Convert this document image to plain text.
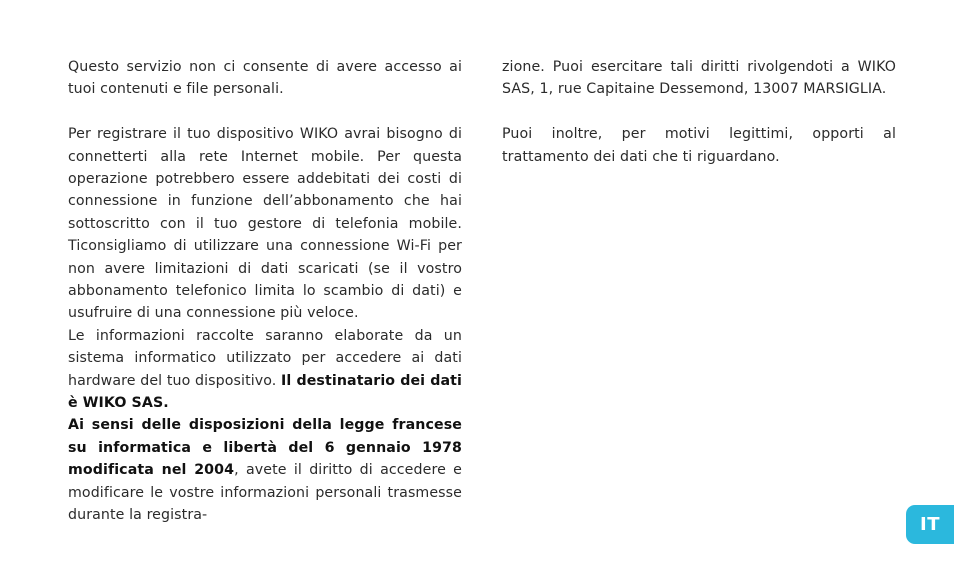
Questo servizio non ci consente di avere accesso ai tuoi contenuti e file personali.

Per registrare il tuo dispositivo WIKO avrai bisogno di connetterti alla rete Internet mobile. Per questa operazione potrebbero essere addebitati dei costi di connessione in funzione dell’abbonamento che hai sottoscritto con il tuo gestore di telefonia mobile. Ticonsigliamo di utilizzare una connessione Wi-Fi per non avere limitazioni di dati scaricati (se il vostro abbonamento telefonico limita lo scambio di dati) e usufruire di una connessione più veloce.

Le informazioni raccolte saranno elaborate da un sistema informatico utilizzato per accedere ai dati hardware del tuo dispositivo. Il destinatario dei dati è WIKO SAS.

Ai sensi delle disposizioni della legge francese su informatica e libertà del 6 gennaio 1978 modificata nel 2004, avete il diritto di accedere e modificare le vostre informazioni personali trasmesse durante la registra-

zione. Puoi esercitare tali diritti rivolgendoti a WIKO SAS, 1, rue Capitaine Dessemond, 13007 MARSIGLIA.

Puoi inoltre, per motivi legittimi, opporti al trattamento dei dati che ti riguardano.

IT
